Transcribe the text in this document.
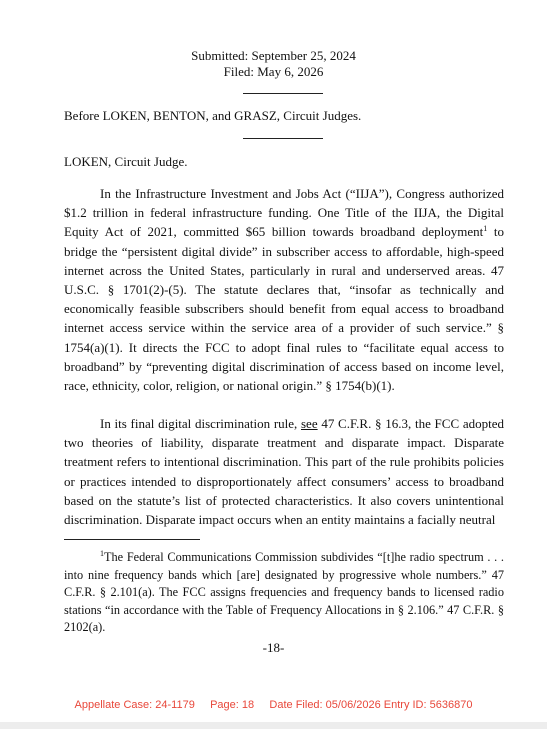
Submitted: September 25, 2024
Filed: May 6, 2026
Before LOKEN, BENTON, and GRASZ, Circuit Judges.
LOKEN, Circuit Judge.

In the Infrastructure Investment and Jobs Act (“IIJA”), Congress authorized $1.2 trillion in federal infrastructure funding. One Title of the IIJA, the Digital Equity Act of 2021, committed $65 billion towards broadband deployment$^1$ to bridge the “persistent digital divide” in subscriber access to affordable, high-speed internet across the United States, particularly in rural and underserved areas. 47 U.S.C. § 1701(2)-(5). The statute declares that, “insofar as technically and economically feasible subscribers should benefit from equal access to broadband internet access service within the service area of a provider of such service.” § 1754(a)(1). It directs the FCC to adopt final rules to “facilitate equal access to broadband” by “preventing digital discrimination of access based on income level, race, ethnicity, color, religion, or national origin.” § 1754(b)(1).

In its final digital discrimination rule, see 47 C.F.R. § 16.3, the FCC adopted two theories of liability, disparate treatment and disparate impact. Disparate treatment refers to intentional discrimination. This part of the rule prohibits policies or practices intended to disproportionately affect consumers’ access to broadband based on the statute’s list of protected characteristics. It also covers unintentional discrimination. Disparate impact occurs when an entity maintains a facially neutral

$^1$The Federal Communications Commission subdivides “[t]he radio spectrum . . . into nine frequency bands which [are] designated by progressive whole numbers.” 47 C.F.R. § 2.101(a). The FCC assigns frequencies and frequency bands to licensed radio stations “in accordance with the Table of Frequency Allocations in § 2.106.” 47 C.F.R. § 2102(a).

-18-
Appellate Case: 24-1179     Page: 18     Date Filed: 05/06/2026 Entry ID: 5636870
